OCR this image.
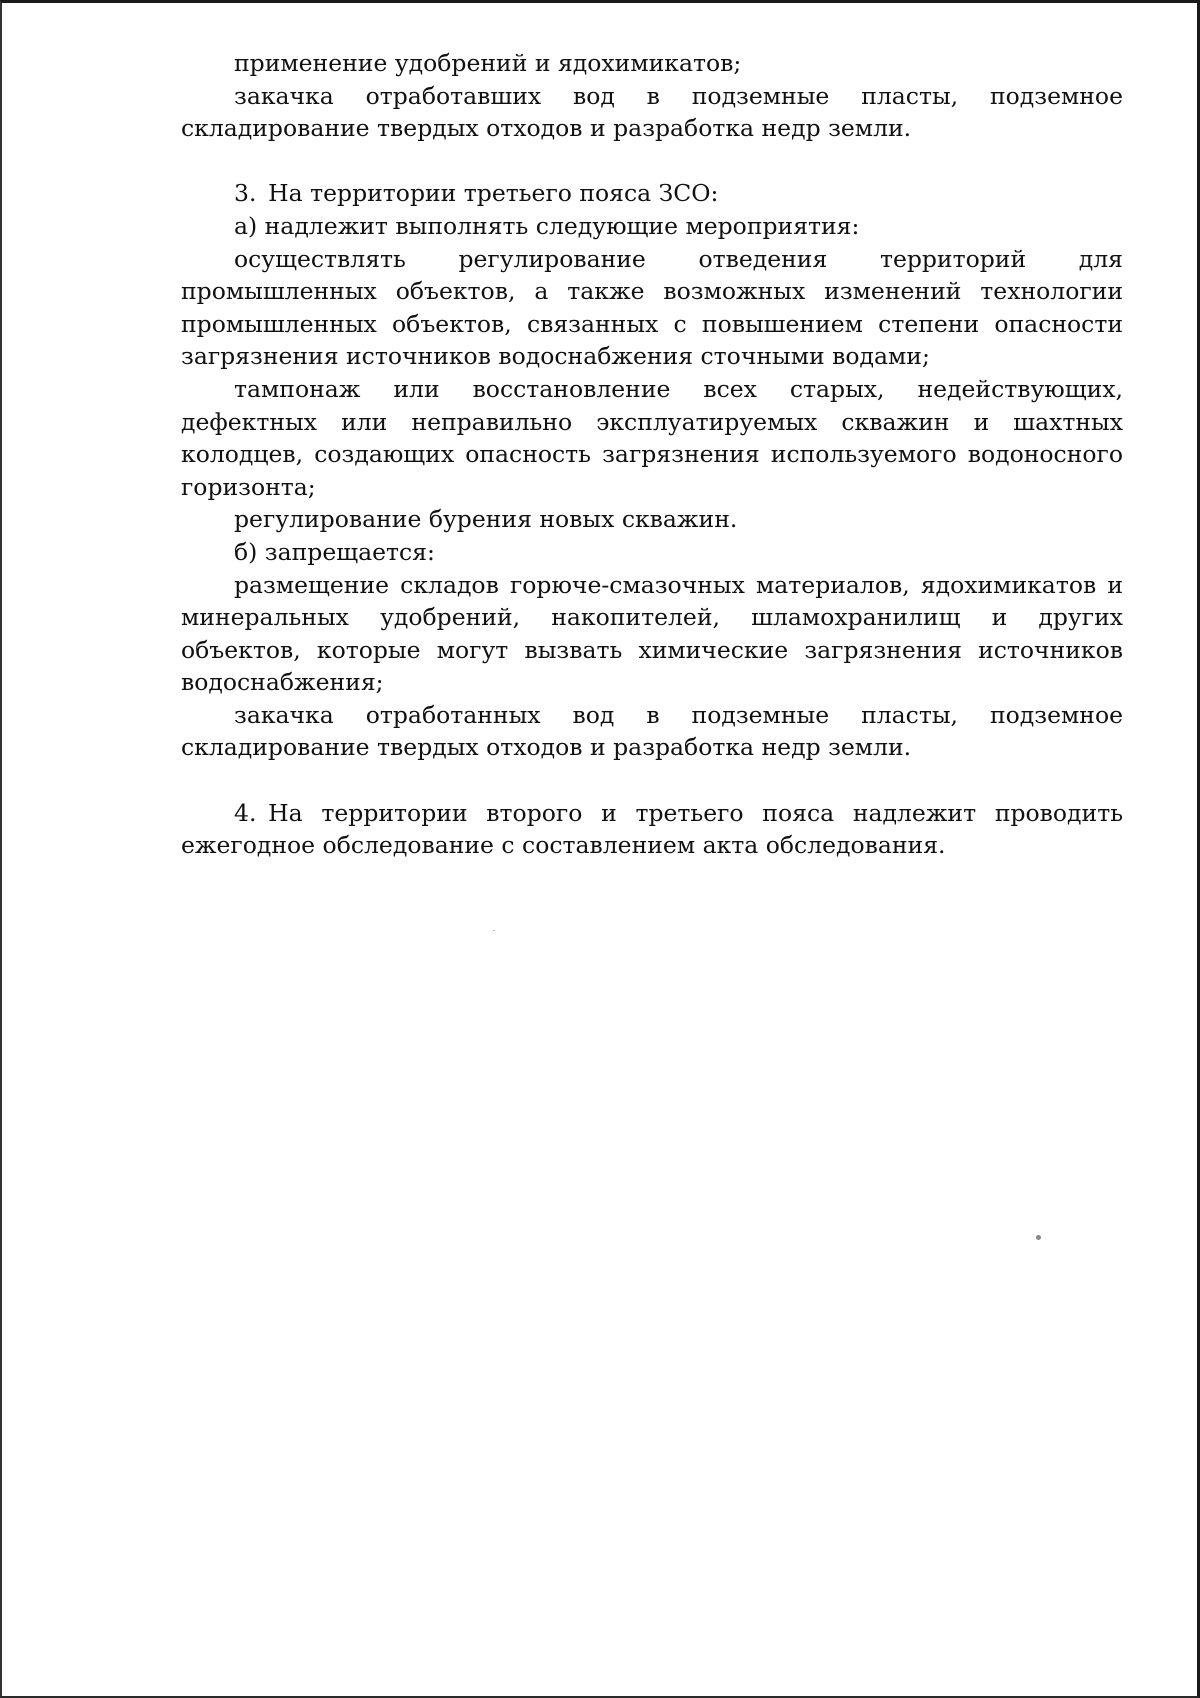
применение удобрений и ядохимикатов;

закачка отработавших вод в подземные пласты, подземное складирование твердых отходов и разработка недр земли.

3. На территории третьего пояса ЗСО:

а) надлежит выполнять следующие мероприятия:

осуществлять регулирование отведения территорий для промышленных объектов, а также возможных изменений технологии промышленных объектов, связанных с повышением степени опасности загрязнения источников водоснабжения сточными водами;

тампонаж или восстановление всех старых, недействующих, дефектных или неправильно эксплуатируемых скважин и шахтных колодцев, создающих опасность загрязнения используемого водоносного горизонта;

регулирование бурения новых скважин.

б) запрещается:

размещение складов горюче-смазочных материалов, ядохимикатов и минеральных удобрений, накопителей, шламохранилищ и других объектов, которые могут вызвать химические загрязнения источников водоснабжения;

закачка отработанных вод в подземные пласты, подземное складирование твердых отходов и разработка недр земли.

4. На территории второго и третьего пояса надлежит проводить ежегодное обследование с составлением акта обследования.
